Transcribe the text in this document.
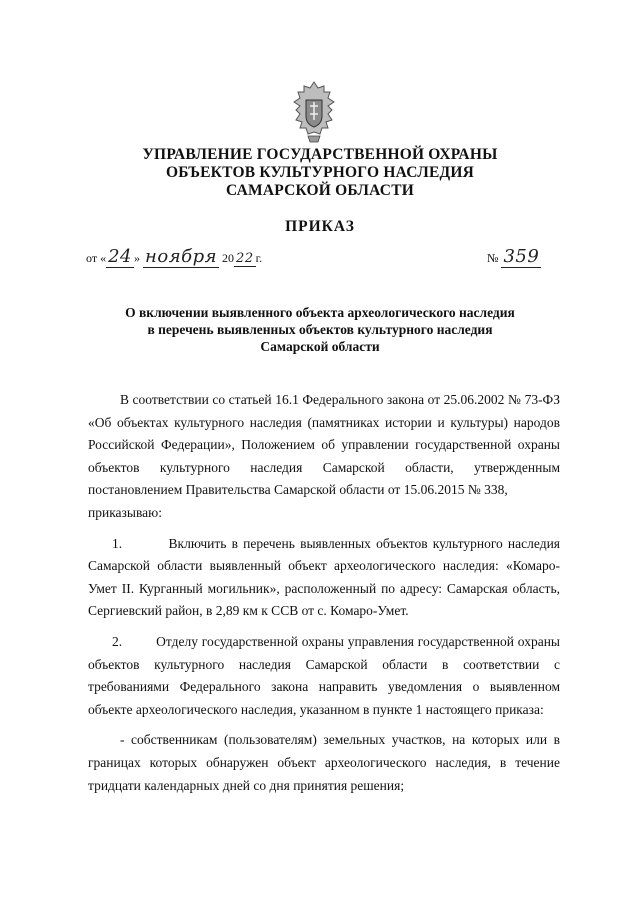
УПРАВЛЕНИЕ ГОСУДАРСТВЕННОЙ ОХРАНЫ
ОБЪЕКТОВ КУЛЬТУРНОГО НАСЛЕДИЯ
САМАРСКОЙ ОБЛАСТИ
ПРИКАЗ
от « 24 » ноября 20 22 г.	№ 359
О включении выявленного объекта археологического наследия
в перечень выявленных объектов культурного наследия
Самарской области

В соответствии со статьей 16.1 Федерального закона от 25.06.2002 № 73-ФЗ «Об объектах культурного наследия (памятниках истории и культуры) народов Российской Федерации», Положением об управлении государственной охраны объектов культурного наследия Самарской области, утвержденным постановлением Правительства Самарской области от 15.06.2015 № 338,

приказываю:

1.         Включить в перечень выявленных объектов культурного наследия Самарской области выявленный объект археологического наследия: «Комаро-Умет II. Курганный могильник», расположенный по адресу: Самарская область, Сергиевский район, в 2,89 км к ССВ от с. Комаро-Умет.

2.         Отделу государственной охраны управления государственной охраны объектов культурного наследия Самарской области в соответствии с требованиями Федерального закона направить уведомления о выявленном объекте археологического наследия, указанном в пункте 1 настоящего приказа:

- собственникам (пользователям) земельных участков, на которых или в границах которых обнаружен объект археологического наследия, в течение тридцати календарных дней со дня принятия решения;
